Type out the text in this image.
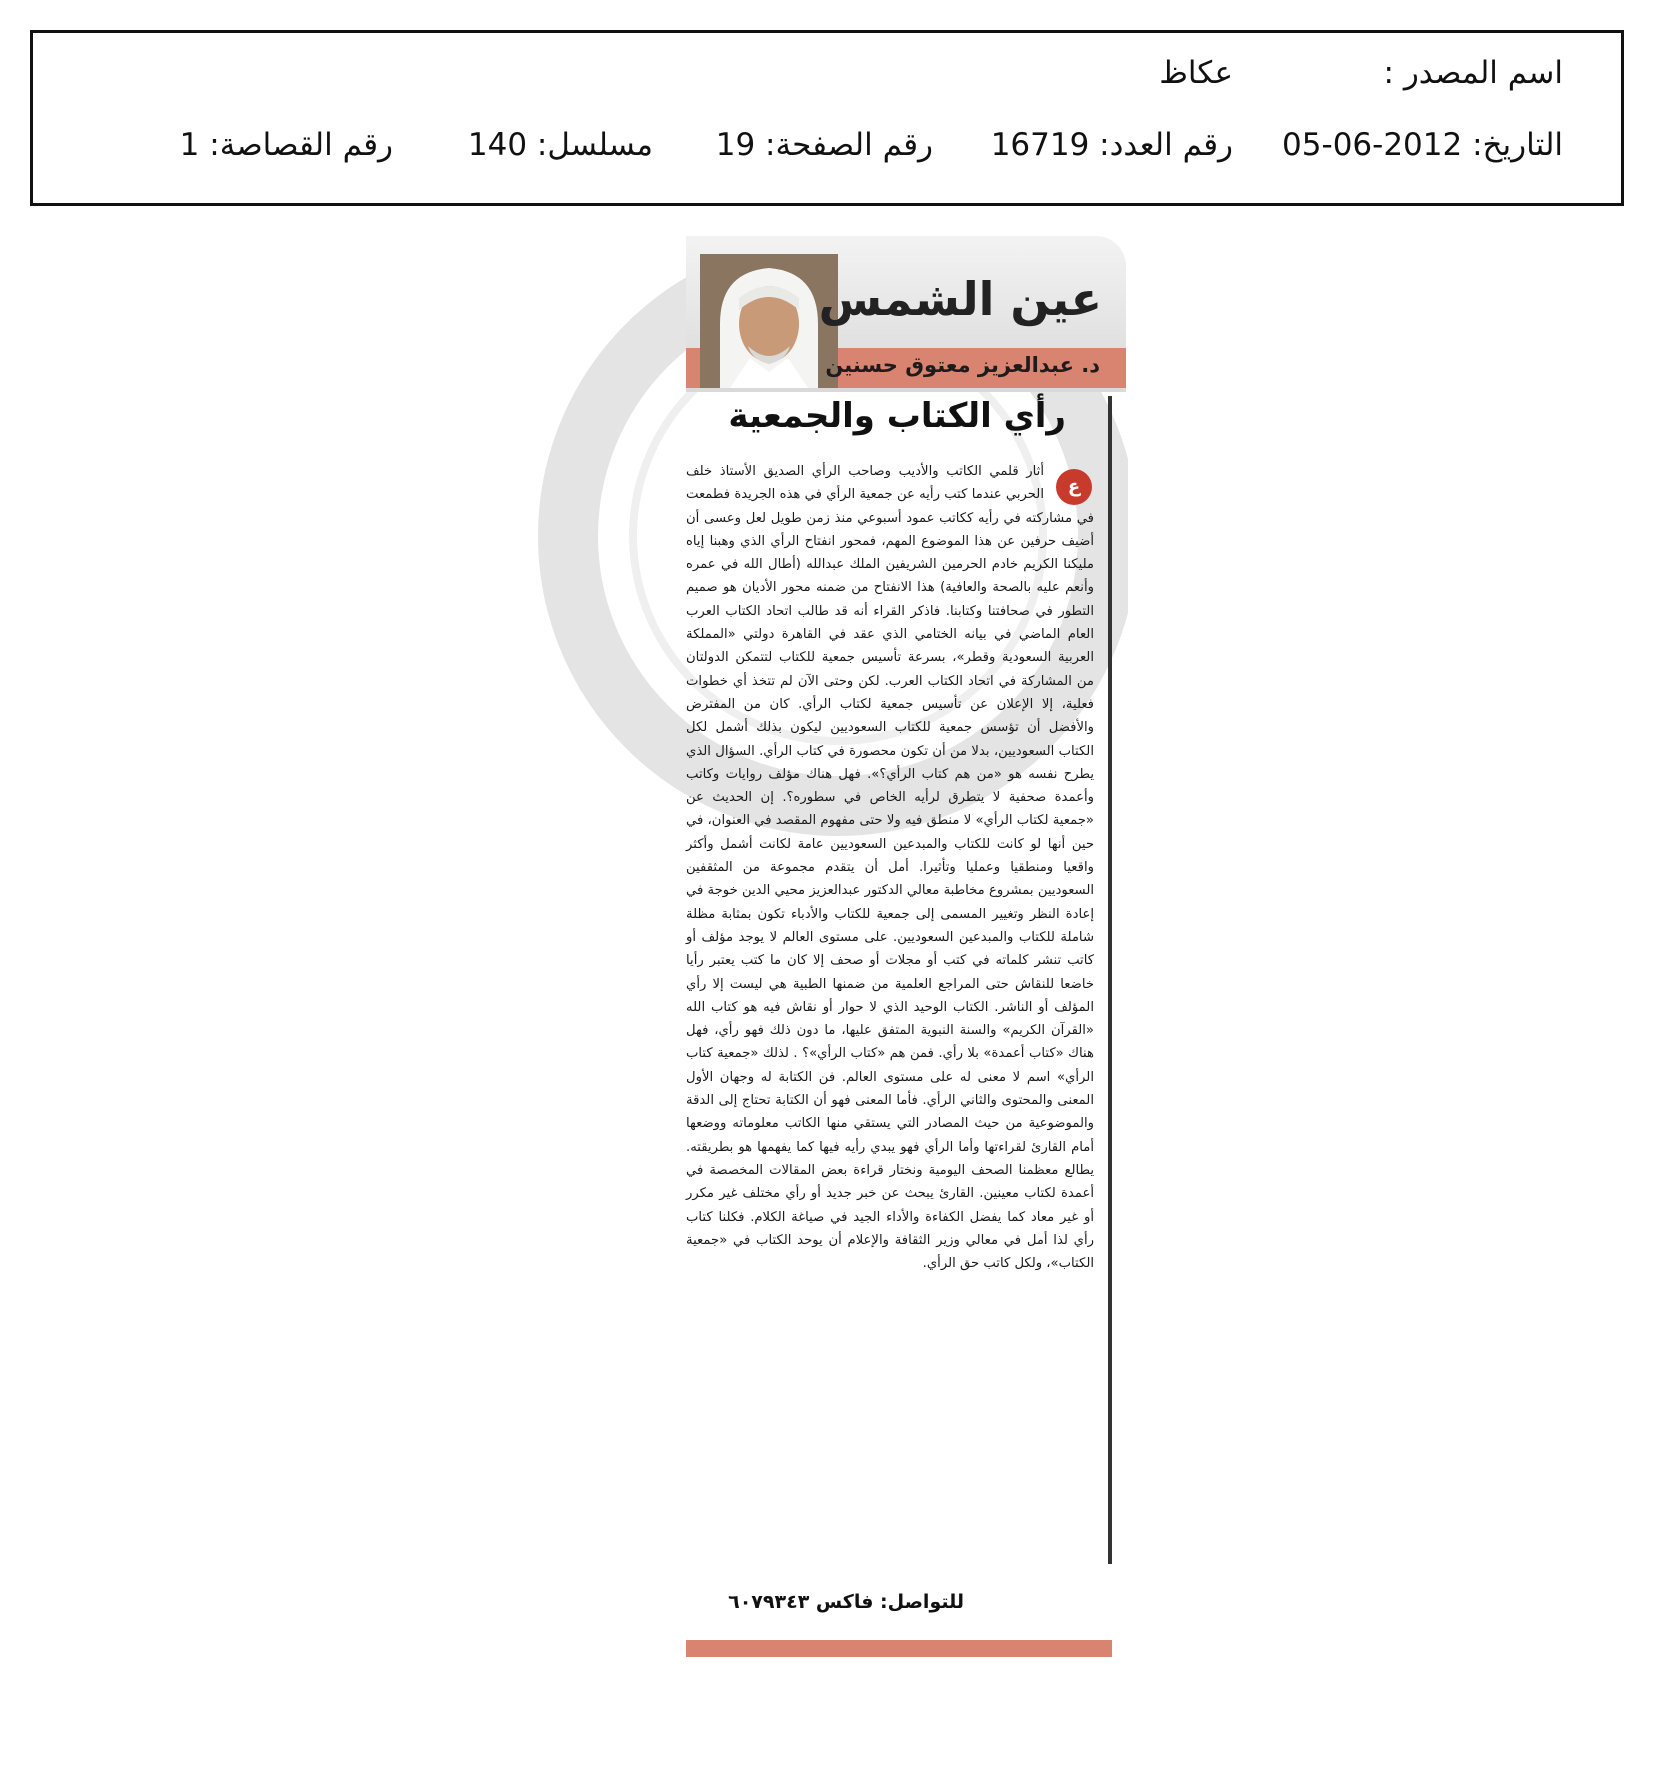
اسم المصدر :
عكاظ
التاريخ: 2012-06-05
رقم العدد: 16719
رقم الصفحة: 19
مسلسل: 140
رقم القصاصة: 1
عين الشمس
د. عبدالعزيز معتوق حسنين
رأي الكتاب والجمعية
ع
أثار قلمي الكاتب والأديب وصاحب الرأي الصديق الأستاذ خلف الحربي عندما كتب رأيه عن جمعية الرأي في هذه الجريدة فطمعت في مشاركته في رأيه ككاتب عمود أسبوعي منذ زمن طويل لعل وعسى أن أضيف حرفين عن هذا الموضوع المهم، فمحور انفتاح الرأي الذي وهبنا إياه مليكنا الكريم خادم الحرمين الشريفين الملك عبدالله (أطال الله في عمره وأنعم عليه بالصحة والعافية) هذا الانفتاح من ضمنه محور الأديان هو صميم التطور في صحافتنا وكتابنا. فاذكر القراء أنه قد طالب اتحاد الكتاب العرب العام الماضي في بيانه الختامي الذي عقد في القاهرة دولتي «المملكة العربية السعودية وقطر»، بسرعة تأسيس جمعية للكتاب لتتمكن الدولتان من المشاركة في اتحاد الكتاب العرب. لكن وحتى الآن لم تتخذ أي خطوات فعلية، إلا الإعلان عن تأسيس جمعية لكتاب الرأي. كان من المفترض والأفضل أن تؤسس جمعية للكتاب السعوديين ليكون بذلك أشمل لكل الكتاب السعوديين، بدلا من أن تكون محصورة في كتاب الرأي. السؤال الذي يطرح نفسه هو «من هم كتاب الرأي؟». فهل هناك مؤلف روايات وكاتب وأعمدة صحفية لا يتطرق لرأيه الخاص في سطوره؟. إن الحديث عن «جمعية لكتاب الرأي» لا منطق فيه ولا حتى مفهوم المقصد في العنوان، في حين أنها لو كانت للكتاب والمبدعين السعوديين عامة لكانت أشمل وأكثر واقعيا ومنطقيا وعمليا وتأثيرا. أمل أن يتقدم مجموعة من المثقفين السعوديين بمشروع مخاطبة معالي الدكتور عبدالعزيز محيي الدين خوجة في إعادة النظر وتغيير المسمى إلى جمعية للكتاب والأدباء تكون بمثابة مظلة شاملة للكتاب والمبدعين السعوديين. على مستوى العالم لا يوجد مؤلف أو كاتب تنشر كلماته في كتب أو مجلات أو صحف إلا كان ما كتب يعتبر رأيا خاضعا للنقاش حتى المراجع العلمية من ضمنها الطبية هي ليست إلا رأي المؤلف أو الناشر. الكتاب الوحيد الذي لا حوار أو نقاش فيه هو كتاب الله «القرآن الكريم» والسنة النبوية المتفق عليها، ما دون ذلك فهو رأي، فهل هناك «كتاب أعمدة» بلا رأي. فمن هم «كتاب الرأي»؟ . لذلك «جمعية كتاب الرأي» اسم لا معنى له على مستوى العالم. فن الكتابة له وجهان الأول المعنى والمحتوى والثاني الرأي. فأما المعنى فهو أن الكتابة تحتاج إلى الدقة والموضوعية من حيث المصادر التي يستقي منها الكاتب معلوماته ووضعها أمام القارئ لقراءتها وأما الرأي فهو يبدي رأيه فيها كما يفهمها هو بطريقته. يطالع معظمنا الصحف اليومية ونختار قراءة بعض المقالات المخصصة في أعمدة لكتاب معينين. القارئ يبحث عن خبر جديد أو رأي مختلف غير مكرر أو غير معاد كما يفضل الكفاءة والأداء الجيد في صياغة الكلام. فكلنا كتاب رأي لذا أمل في معالي وزير الثقافة والإعلام أن يوحد الكتاب في «جمعية الكتاب»، ولكل كاتب حق الرأي.
للتواصل: فاكس ٦٠٧٩٣٤٣
